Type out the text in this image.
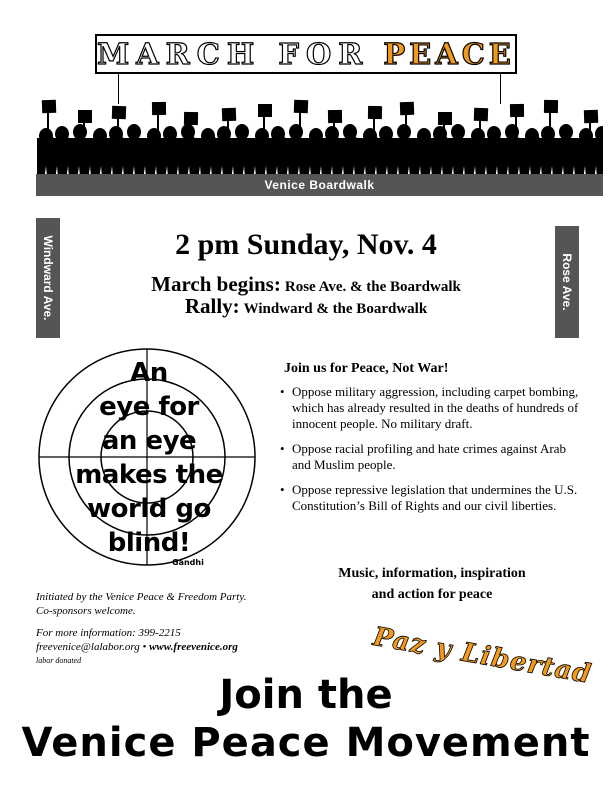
MARCH FOR PEACE
Venice Boardwalk
Windward Ave.	Rose Ave.
2 pm Sunday, Nov. 4
March begins: Rose Ave. & the Boardwalk
Rally: Windward & the Boardwalk
An
eye for
an eye
makes the
world go
blind!
Gandhi
Join us for Peace, Not War!
• Oppose military aggression, including carpet bombing, which has already resulted in the deaths of hundreds of innocent people. No military draft.
• Oppose racial profiling and hate crimes against Arab and Muslim people.
• Oppose repressive legislation that undermines the U.S. Constitution’s Bill of Rights and our civil liberties.
Music, information, inspiration
and action for peace
Paz y Libertad
Initiated by the Venice Peace & Freedom Party.
Co-sponsors welcome.
For more information: 399-2215
freevenice@lalabor.org • www.freevenice.org
labor donated
Join the
Venice Peace Movement
